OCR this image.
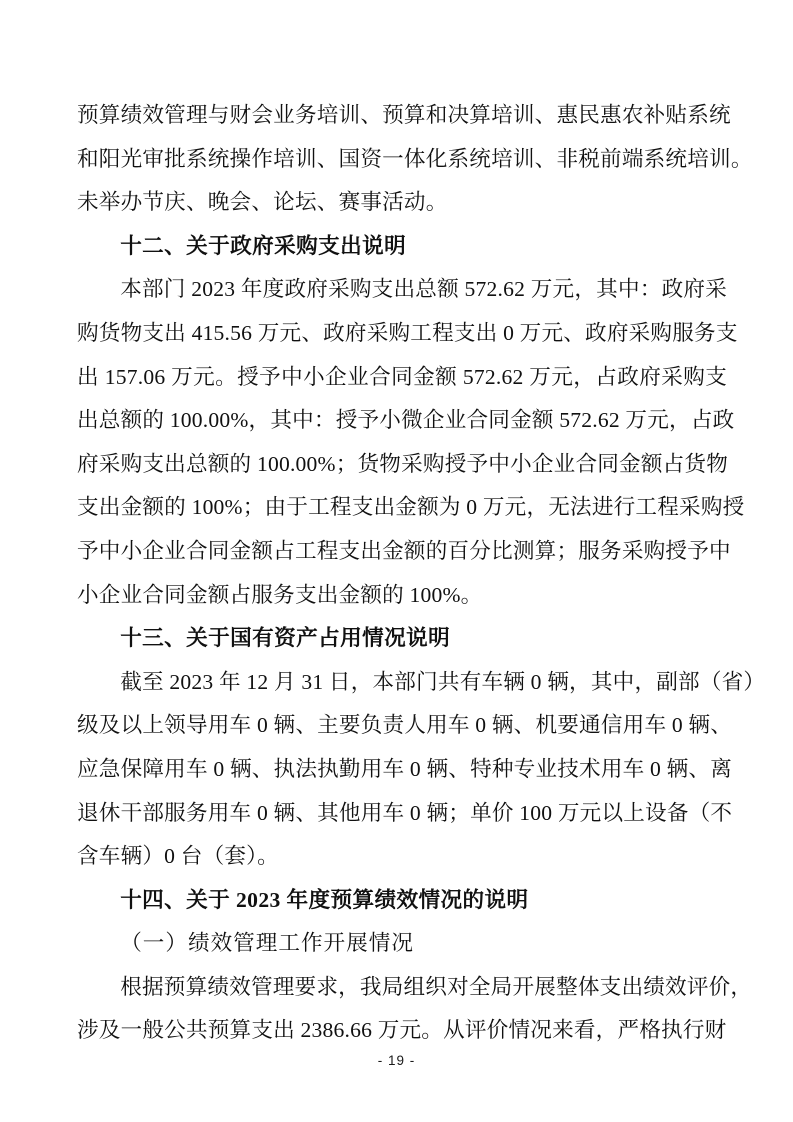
预算绩效管理与财会业务培训、预算和决算培训、惠民惠农补贴系统
和阳光审批系统操作培训、国资一体化系统培训、非税前端系统培训。
未举办节庆、晚会、论坛、赛事活动。
十二、关于政府采购支出说明
本部门 2023 年度政府采购支出总额 572.62 万元，其中：政府采
购货物支出 415.56 万元、政府采购工程支出 0 万元、政府采购服务支
出 157.06 万元。授予中小企业合同金额 572.62 万元，占政府采购支
出总额的 100.00%，其中：授予小微企业合同金额 572.62 万元，占政
府采购支出总额的 100.00%；货物采购授予中小企业合同金额占货物
支出金额的 100%；由于工程支出金额为 0 万元，无法进行工程采购授
予中小企业合同金额占工程支出金额的百分比测算；服务采购授予中
小企业合同金额占服务支出金额的 100%。
十三、关于国有资产占用情况说明
截至 2023 年 12 月 31 日，本部门共有车辆 0 辆，其中，副部（省）
级及以上领导用车 0 辆、主要负责人用车 0 辆、机要通信用车 0 辆、
应急保障用车 0 辆、执法执勤用车 0 辆、特种专业技术用车 0 辆、离
退休干部服务用车 0 辆、其他用车 0 辆；单价 100 万元以上设备（不
含车辆）0 台（套）。
十四、关于 2023 年度预算绩效情况的说明
（一）绩效管理工作开展情况
根据预算绩效管理要求，我局组织对全局开展整体支出绩效评价，
涉及一般公共预算支出 2386.66 万元。从评价情况来看，严格执行财
- 19 -
